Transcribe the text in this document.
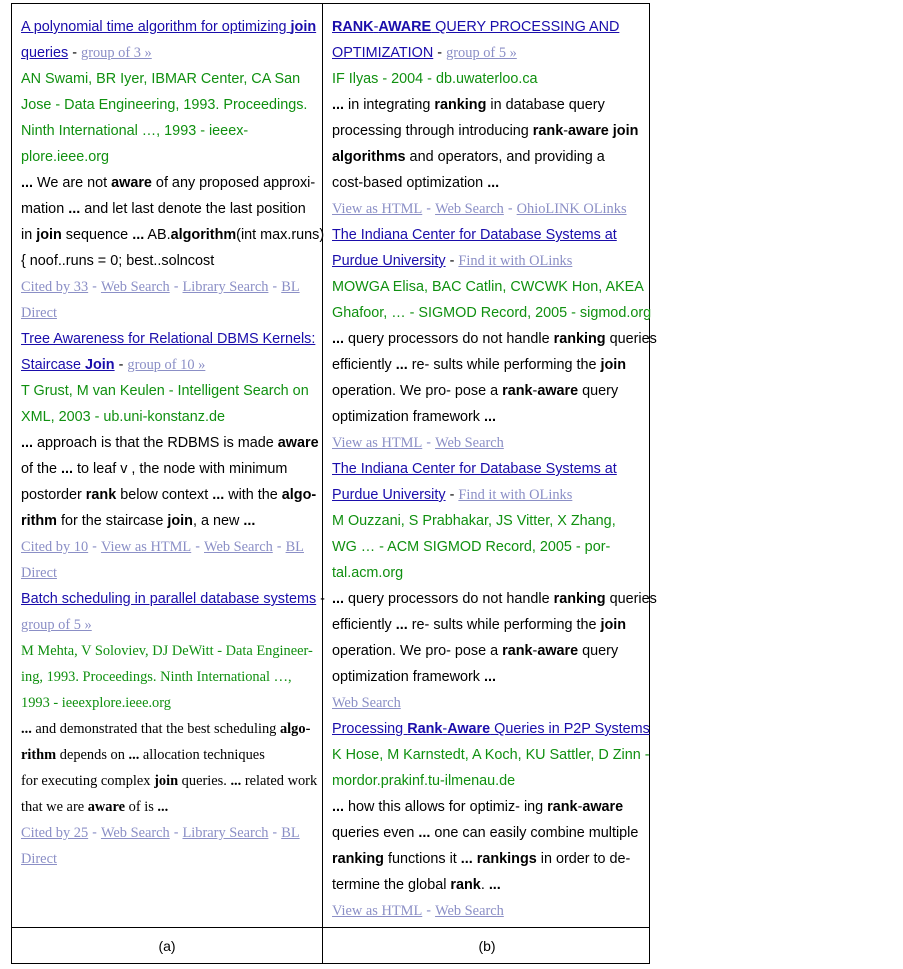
A polynomial time algorithm for optimizing join
queries - group of 3 »
AN Swami, BR Iyer, IBMAR Center, CA San
Jose - Data Engineering, 1993. Proceedings.
Ninth International …, 1993 - ieeex-
plore.ieee.org
... We are not aware of any proposed approxi-
mation ... and let last denote the last position
in join sequence ... AB.algorithm(int max.runs)
{ noof..runs = 0; best..solncost
Cited by 33 - Web Search - Library Search - BL
Direct
Tree Awareness for Relational DBMS Kernels:
Staircase Join - group of 10 »
T Grust, M van Keulen - Intelligent Search on
XML, 2003 - ub.uni-konstanz.de
... approach is that the RDBMS is made aware
of the ... to leaf v , the node with minimum
postorder rank below context ... with the algo-
rithm for the staircase join, a new ...
Cited by 10 - View as HTML - Web Search - BL
Direct
Batch scheduling in parallel database systems -
group of 5 »
M Mehta, V Soloviev, DJ DeWitt - Data Engineer-
ing, 1993. Proceedings. Ninth International …,
1993 - ieeexplore.ieee.org
... and demonstrated that the best scheduling algo-
rithm depends on ... allocation techniques
for executing complex join queries. ... related work
that we are aware of is ...
Cited by 25 - Web Search - Library Search - BL
Direct
RANK-AWARE QUERY PROCESSING AND
OPTIMIZATION - group of 5 »
IF Ilyas - 2004 - db.uwaterloo.ca
... in integrating ranking in database query
processing through introducing rank-aware join
algorithms and operators, and providing a
cost-based optimization ...
View as HTML - Web Search - OhioLINK OLinks
The Indiana Center for Database Systems at
Purdue University - Find it with OLinks
MOWGA Elisa, BAC Catlin, CWCWK Hon, AKEA
Ghafoor, … - SIGMOD Record, 2005 - sigmod.org
... query processors do not handle ranking queries
efficiently ... re- sults while performing the join
operation. We pro- pose a rank-aware query
optimization framework ...
View as HTML - Web Search
The Indiana Center for Database Systems at
Purdue University - Find it with OLinks
M Ouzzani, S Prabhakar, JS Vitter, X Zhang,
WG … - ACM SIGMOD Record, 2005 - por-
tal.acm.org
... query processors do not handle ranking queries
efficiently ... re- sults while performing the join
operation. We pro- pose a rank-aware query
optimization framework ...
Web Search
Processing Rank-Aware Queries in P2P Systems
K Hose, M Karnstedt, A Koch, KU Sattler, D Zinn -
mordor.prakinf.tu-ilmenau.de
... how this allows for optimiz- ing rank-aware
queries even ... one can easily combine multiple
ranking functions it ... rankings in order to de-
termine the global rank. ...
View as HTML - Web Search
(a)	(b)
